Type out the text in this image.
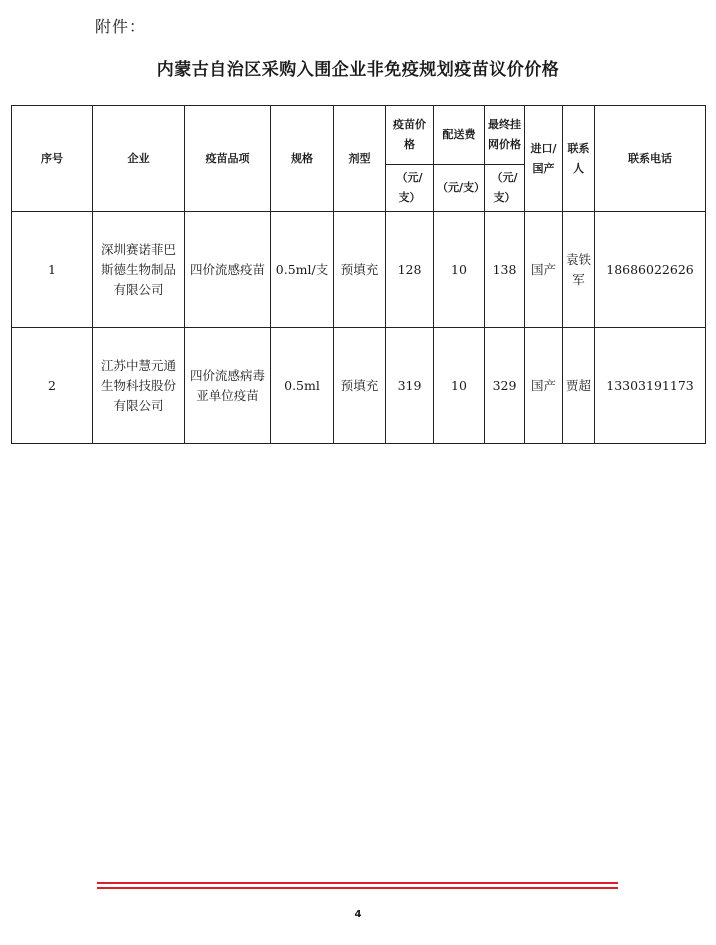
附件：
内蒙古自治区采购入围企业非免疫规划疫苗议价价格
序号	企业	疫苗品项	规格	剂型	疫苗价格	配送费	最终挂网价格	进口/国产	联系人	联系电话
					（元/支）	（元/支）	（元/支）			
1	深圳赛诺菲巴斯德生物制品有限公司	四价流感疫苗	0.5ml/支	预填充	128	10	138	国产	袁铁军	18686022626
2	江苏中慧元通生物科技股份有限公司	四价流感病毒亚单位疫苗	0.5ml	预填充	319	10	329	国产	贾超	13303191173
4
